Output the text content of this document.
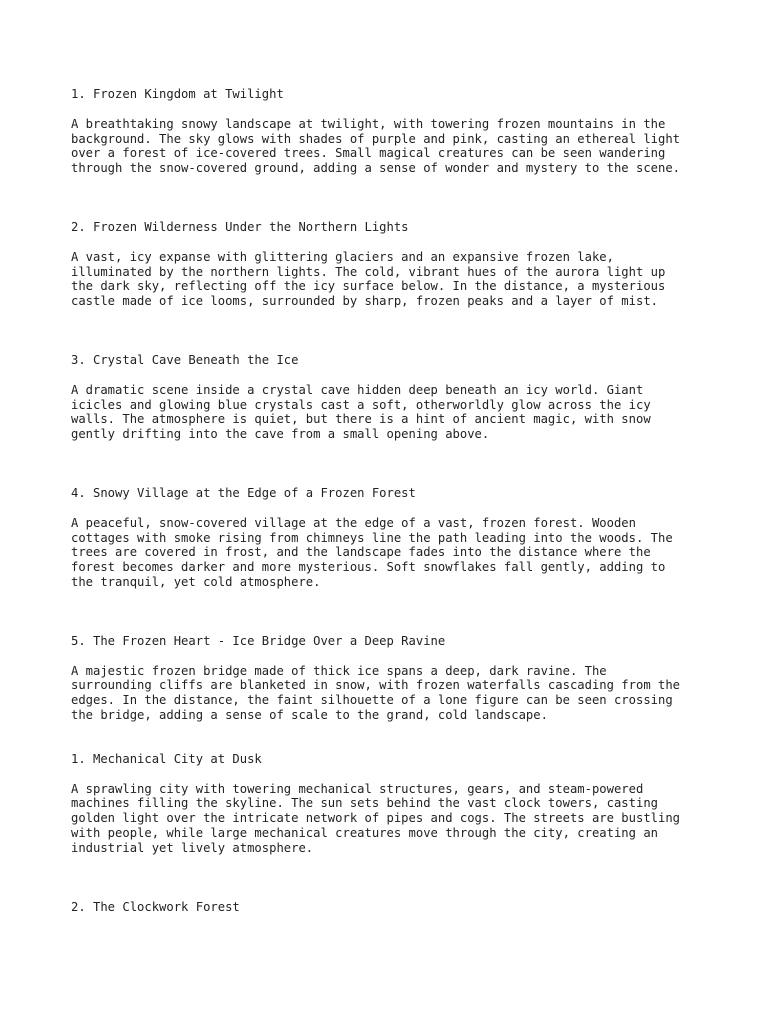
1. Frozen Kingdom at Twilight

A breathtaking snowy landscape at twilight, with towering frozen mountains in the
background. The sky glows with shades of purple and pink, casting an ethereal light
over a forest of ice-covered trees. Small magical creatures can be seen wandering
through the snow-covered ground, adding a sense of wonder and mystery to the scene.

2. Frozen Wilderness Under the Northern Lights

A vast, icy expanse with glittering glaciers and an expansive frozen lake,
illuminated by the northern lights. The cold, vibrant hues of the aurora light up
the dark sky, reflecting off the icy surface below. In the distance, a mysterious
castle made of ice looms, surrounded by sharp, frozen peaks and a layer of mist.

3. Crystal Cave Beneath the Ice

A dramatic scene inside a crystal cave hidden deep beneath an icy world. Giant
icicles and glowing blue crystals cast a soft, otherworldly glow across the icy
walls. The atmosphere is quiet, but there is a hint of ancient magic, with snow
gently drifting into the cave from a small opening above.

4. Snowy Village at the Edge of a Frozen Forest

A peaceful, snow-covered village at the edge of a vast, frozen forest. Wooden
cottages with smoke rising from chimneys line the path leading into the woods. The
trees are covered in frost, and the landscape fades into the distance where the
forest becomes darker and more mysterious. Soft snowflakes fall gently, adding to
the tranquil, yet cold atmosphere.

5. The Frozen Heart - Ice Bridge Over a Deep Ravine

A majestic frozen bridge made of thick ice spans a deep, dark ravine. The
surrounding cliffs are blanketed in snow, with frozen waterfalls cascading from the
edges. In the distance, the faint silhouette of a lone figure can be seen crossing
the bridge, adding a sense of scale to the grand, cold landscape.

1. Mechanical City at Dusk

A sprawling city with towering mechanical structures, gears, and steam-powered
machines filling the skyline. The sun sets behind the vast clock towers, casting
golden light over the intricate network of pipes and cogs. The streets are bustling
with people, while large mechanical creatures move through the city, creating an
industrial yet lively atmosphere.

2. The Clockwork Forest
